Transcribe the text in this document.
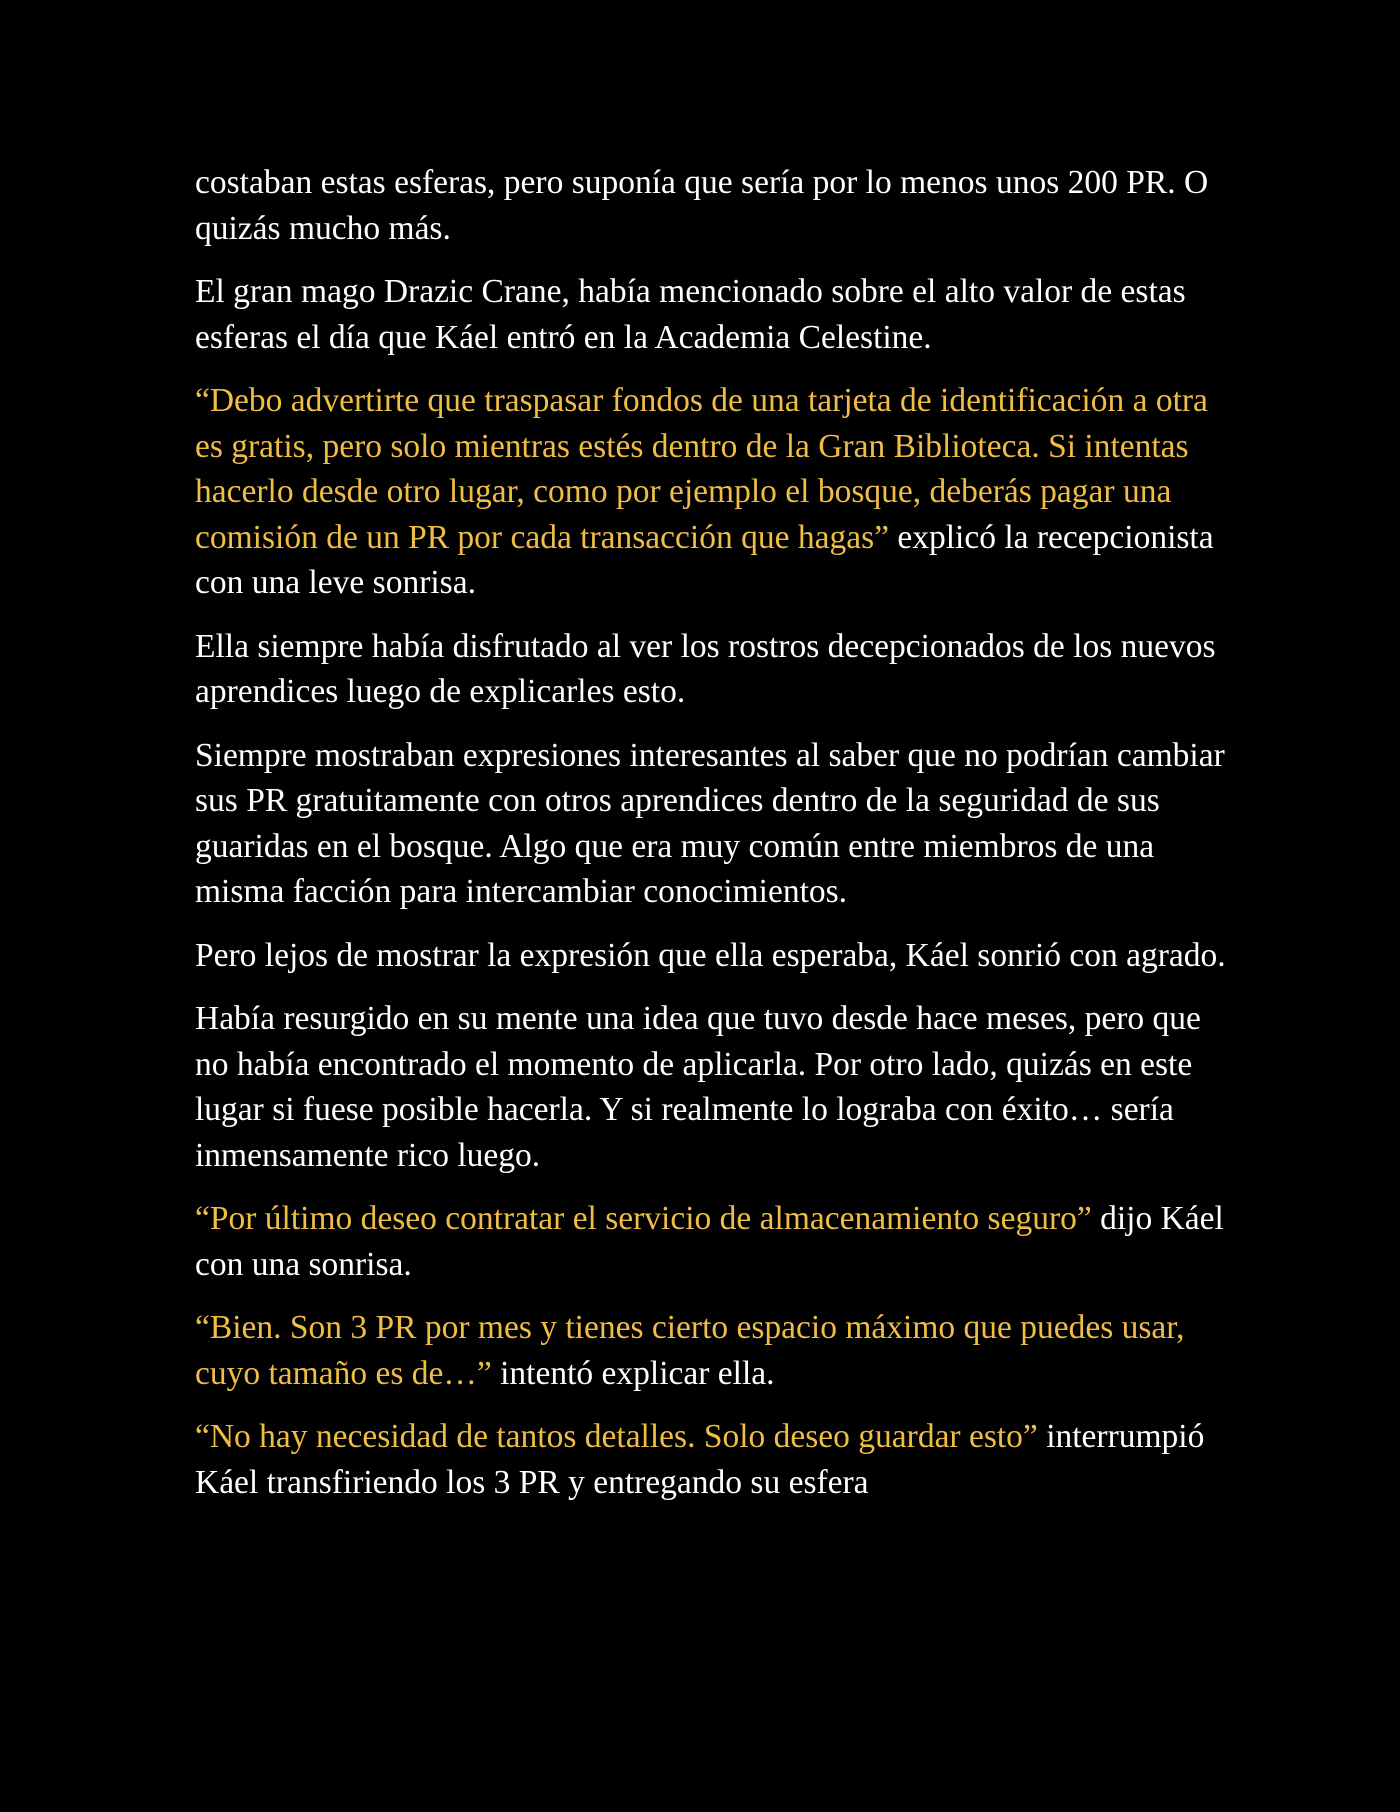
costaban estas esferas, pero suponía que sería por lo menos unos 200 PR. O quizás mucho más.

El gran mago Drazic Crane, había mencionado sobre el alto valor de estas esferas el día que Káel entró en la Academia Celestine.

“Debo advertirte que traspasar fondos de una tarjeta de identificación a otra es gratis, pero solo mientras estés dentro de la Gran Biblioteca. Si intentas hacerlo desde otro lugar, como por ejemplo el bosque, deberás pagar una comisión de un PR por cada transacción que hagas” explicó la recepcionista con una leve sonrisa.

Ella siempre había disfrutado al ver los rostros decepcionados de los nuevos aprendices luego de explicarles esto.

Siempre mostraban expresiones interesantes al saber que no podrían cambiar sus PR gratuitamente con otros aprendices dentro de la seguridad de sus guaridas en el bosque. Algo que era muy común entre miembros de una misma facción para intercambiar conocimientos.

Pero lejos de mostrar la expresión que ella esperaba, Káel sonrió con agrado.

Había resurgido en su mente una idea que tuvo desde hace meses, pero que no había encontrado el momento de aplicarla. Por otro lado, quizás en este lugar si fuese posible hacerla. Y si realmente lo lograba con éxito… sería inmensamente rico luego.

“Por último deseo contratar el servicio de almacenamiento seguro” dijo Káel con una sonrisa.

“Bien. Son 3 PR por mes y tienes cierto espacio máximo que puedes usar, cuyo tamaño es de…” intentó explicar ella.

“No hay necesidad de tantos detalles. Solo deseo guardar esto” interrumpió Káel transfiriendo los 3 PR y entregando su esfera
